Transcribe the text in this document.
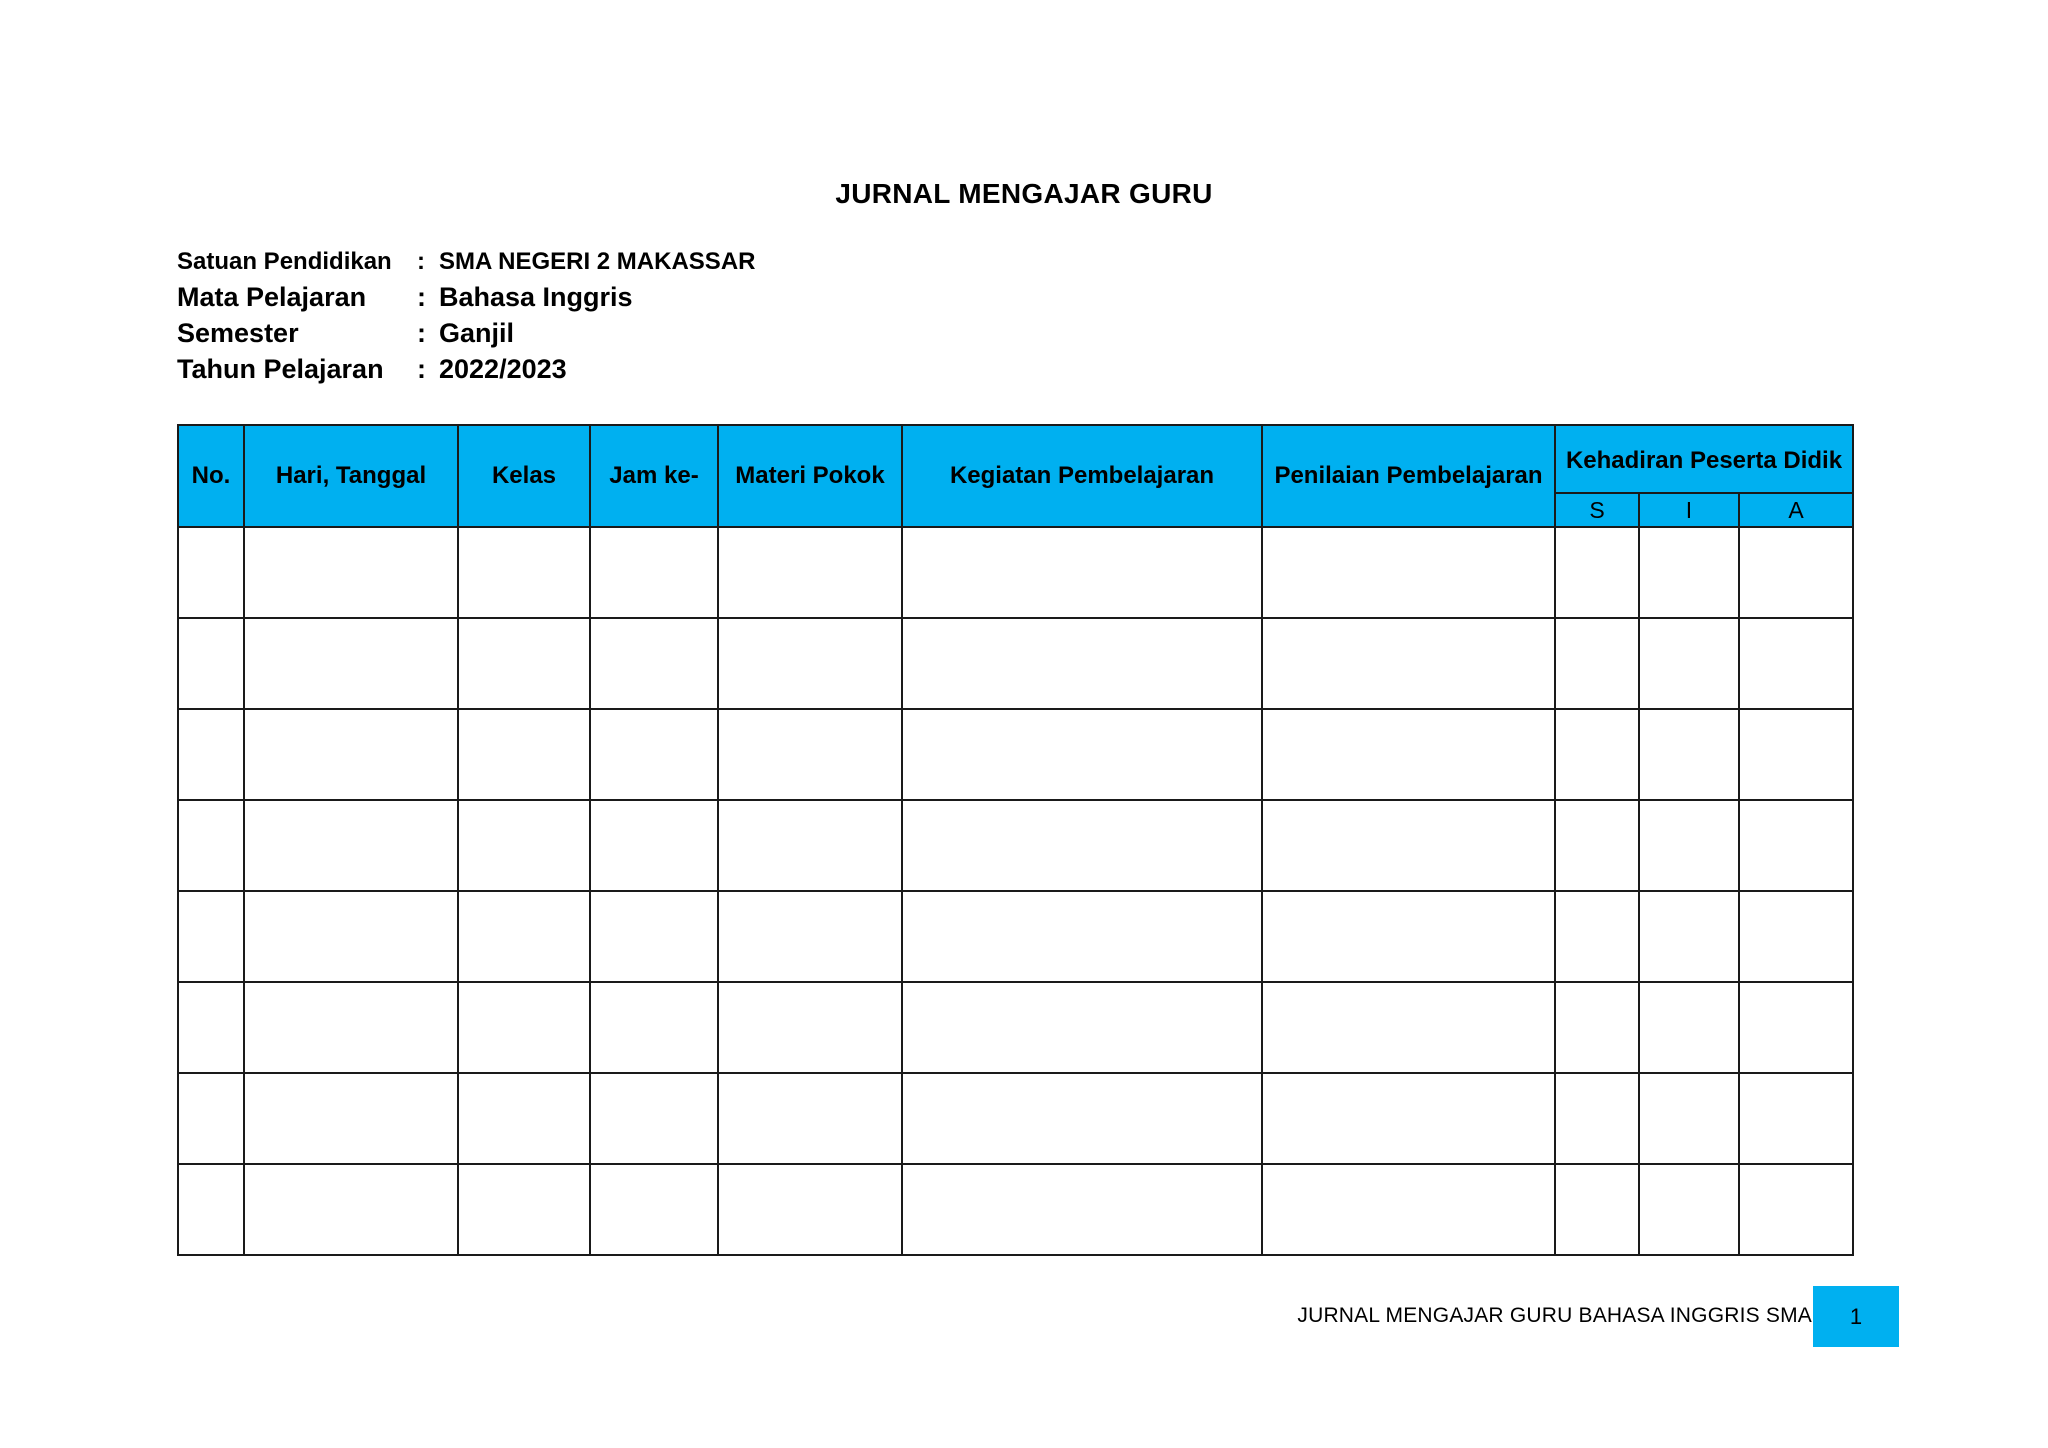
JURNAL MENGAJAR GURU
Satuan Pendidikan	: SMA NEGERI 2 MAKASSAR
Mata Pelajaran	: Bahasa Inggris
Semester	: Ganjil
Tahun Pelajaran	: 2022/2023
No.	Hari, Tanggal	Kelas	Jam ke-	Materi Pokok	Kegiatan Pembelajaran	Penilaian Pembelajaran	Kehadiran Peserta Didik		
							S	I	A

JURNAL MENGAJAR GURU BAHASA INGGRIS SMA	1
